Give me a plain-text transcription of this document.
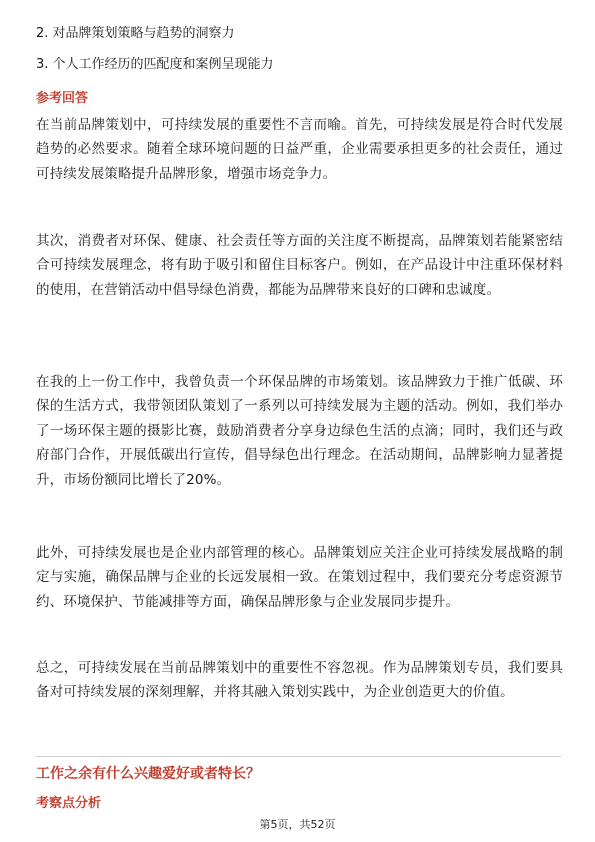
2. 对品牌策划策略与趋势的洞察力
3. 个人工作经历的匹配度和案例呈现能力
参考回答
在当前品牌策划中，可持续发展的重要性不言而喻。首先，可持续发展是符合时代发展趋势的必然要求。随着全球环境问题的日益严重，企业需要承担更多的社会责任，通过可持续发展策略提升品牌形象，增强市场竞争力。
其次，消费者对环保、健康、社会责任等方面的关注度不断提高，品牌策划若能紧密结合可持续发展理念，将有助于吸引和留住目标客户。例如，在产品设计中注重环保材料的使用，在营销活动中倡导绿色消费，都能为品牌带来良好的口碑和忠诚度。
在我的上一份工作中，我曾负责一个环保品牌的市场策划。该品牌致力于推广低碳、环保的生活方式，我带领团队策划了一系列以可持续发展为主题的活动。例如，我们举办了一场环保主题的摄影比赛，鼓励消费者分享身边绿色生活的点滴；同时，我们还与政府部门合作，开展低碳出行宣传，倡导绿色出行理念。在活动期间，品牌影响力显著提升，市场份额同比增长了20%。
此外，可持续发展也是企业内部管理的核心。品牌策划应关注企业可持续发展战略的制定与实施，确保品牌与企业的长远发展相一致。在策划过程中，我们要充分考虑资源节约、环境保护、节能减排等方面，确保品牌形象与企业发展同步提升。
总之，可持续发展在当前品牌策划中的重要性不容忽视。作为品牌策划专员，我们要具备对可持续发展的深刻理解，并将其融入策划实践中，为企业创造更大的价值。
工作之余有什么兴趣爱好或者特长？
考察点分析
第5页，共52页
